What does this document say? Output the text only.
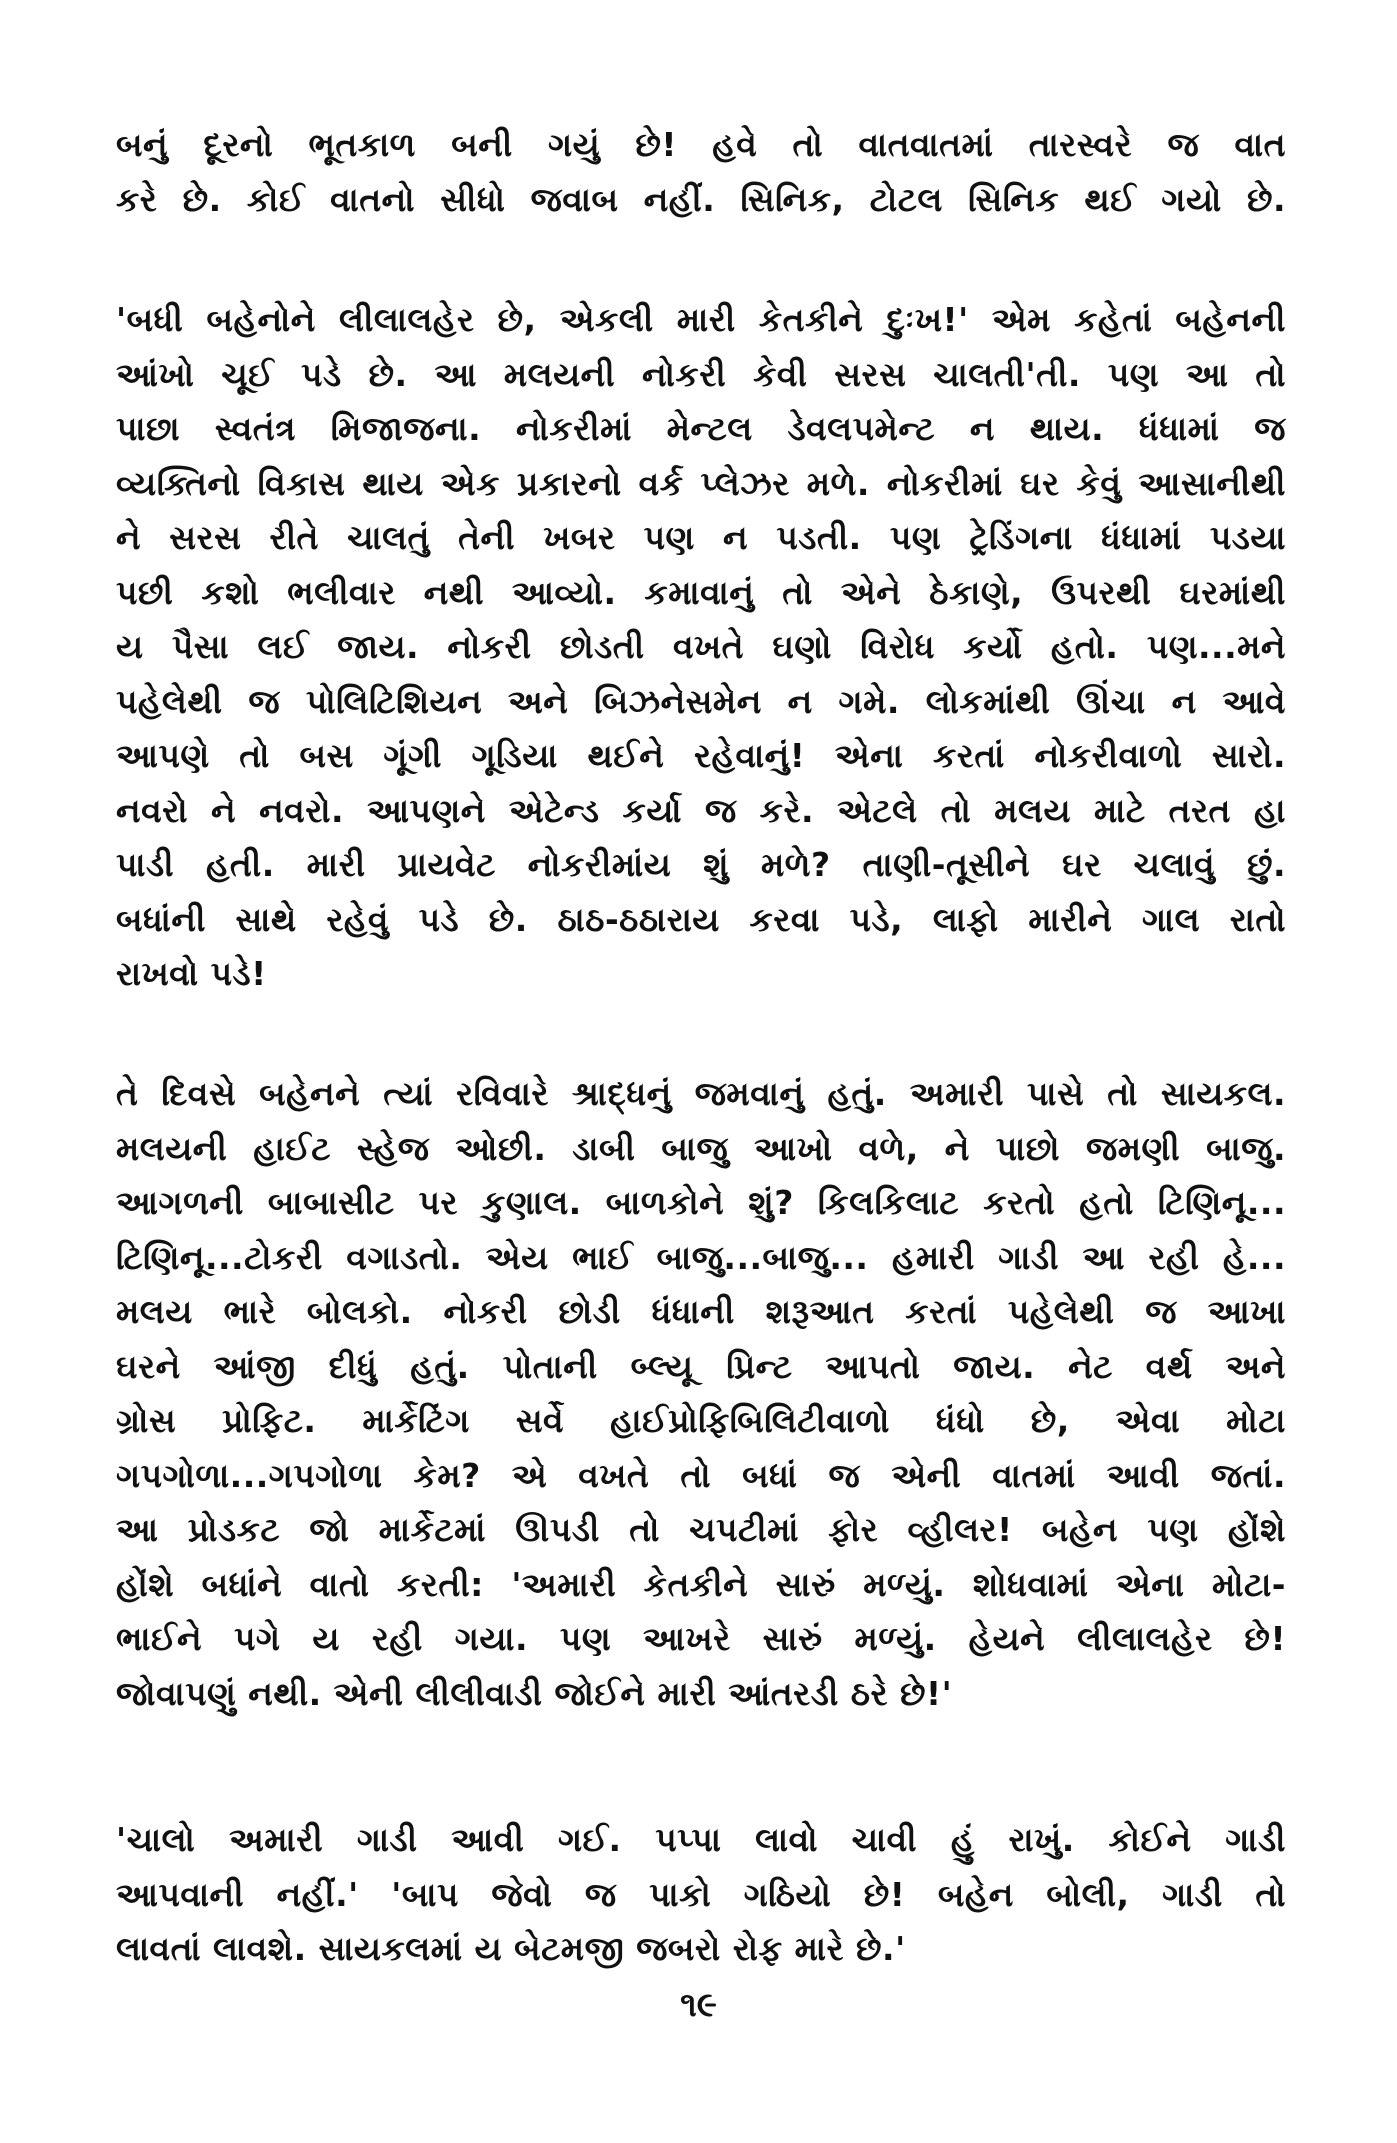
બનું દૂરનો ભૂતકાળ બની ગયું છે! હવે તો વાતવાતમાં તારસ્વરે જ વાત
કરે છે. કોઈ વાતનો સીધો જવાબ નહીં. સિનિક, ટોટલ સિનિક થઈ ગયો છે.
'બધી બહેનોને લીલાલહેર છે, એકલી મારી કેતકીને દુઃખ!' એમ કહેતાં બહેનની
આંખો ચૂઈ પડે છે. આ મલયની નોકરી કેવી સરસ ચાલતી'તી. પણ આ તો
પાછા સ્વતંત્ર મિજાજના. નોકરીમાં મેન્ટલ ડેવલપમેન્ટ ન થાય. ધંધામાં જ
વ્યક્તિનો વિકાસ થાય એક પ્રકારનો વર્ક પ્લેઝર મળે. નોકરીમાં ઘર કેવું આસાનીથી
ને સરસ રીતે ચાલતું તેની ખબર પણ ન પડતી. પણ ટ્રેડિંગના ધંધામાં પડયા
પછી કશો ભલીવાર નથી આવ્યો. કમાવાનું તો એને ઠેકાણે, ઉપરથી ઘરમાંથી
ય પૈસા લઈ જાય. નોકરી છોડતી વખતે ઘણો વિરોધ કર્યો હતો. પણ...મને
પહેલેથી જ પોલિટિશિયન અને બિઝનેસમેન ન ગમે. લોકમાંથી ઊંચા ન આવે
આપણે તો બસ ગૂંગી ગૂડિયા થઈને રહેવાનું! એના કરતાં નોકરીવાળો સારો.
નવરો ને નવરો. આપણને એટેન્ડ કર્યા જ કરે. એટલે તો મલય માટે તરત હા
પાડી હતી. મારી પ્રાયવેટ નોકરીમાંય શું મળે? તાણી-તૂસીને ઘર ચલાવું છું.
બધાંની સાથે રહેવું પડે છે. ઠાઠ-ઠઠારાય કરવા પડે, લાફો મારીને ગાલ રાતો
રાખવો પડે!
તે દિવસે બહેનને ત્યાં રવિવારે શ્રાદ્ધનું જમવાનું હતું. અમારી પાસે તો સાયકલ.
મલયની હાઈટ સ્હેજ ઓછી. ડાબી બાજુ આખો વળે, ને પાછો જમણી બાજુ.
આગળની બાબાસીટ પર કુણાલ. બાળકોને શું? કિલકિલાટ કરતો હતો ટિણિનૂ...
ટિણિનૂ...ટોકરી વગાડતો. એય ભાઈ બાજુ...બાજુ... હમારી ગાડી આ રહી હે...
મલય ભારે બોલકો. નોકરી છોડી ધંધાની શરૂઆત કરતાં પહેલેથી જ આખા
ઘરને આંજી દીધું હતું. પોતાની બ્લ્યૂ પ્રિન્ટ આપતો જાય. નેટ વર્થ અને
ગ્રોસ પ્રોફિટ. માર્કેટિંગ સર્વે હાઈપ્રોફિબિલિટીવાળો ધંધો છે, એવા મોટા
ગપગોળા...ગપગોળા કેમ? એ વખતે તો બધાં જ એની વાતમાં આવી જતાં.
આ પ્રોડકટ જો માર્કેટમાં ઊપડી તો ચપટીમાં ફોર વ્હીલર! બહેન પણ હોંશે
હોંશે બધાંને વાતો કરતી: 'અમારી કેતકીને સારું મળ્યું. શોધવામાં એના મોટા-
ભાઈને પગે ય રહી ગયા. પણ આખરે સારું મળ્યું. હેયને લીલાલહેર છે!
જોવાપણું નથી. એની લીલીવાડી જોઈને મારી આંતરડી ઠરે છે!'
'ચાલો અમારી ગાડી આવી ગઈ. પપ્પા લાવો ચાવી હું રાખું. કોઈને ગાડી
આપવાની નહીં.' 'બાપ જેવો જ પાકો ગઠિયો છે! બહેન બોલી, ગાડી તો
લાવતાં લાવશે. સાયકલમાં ય બેટમજી જબરો રોફ મારે છે.'
૧૯
